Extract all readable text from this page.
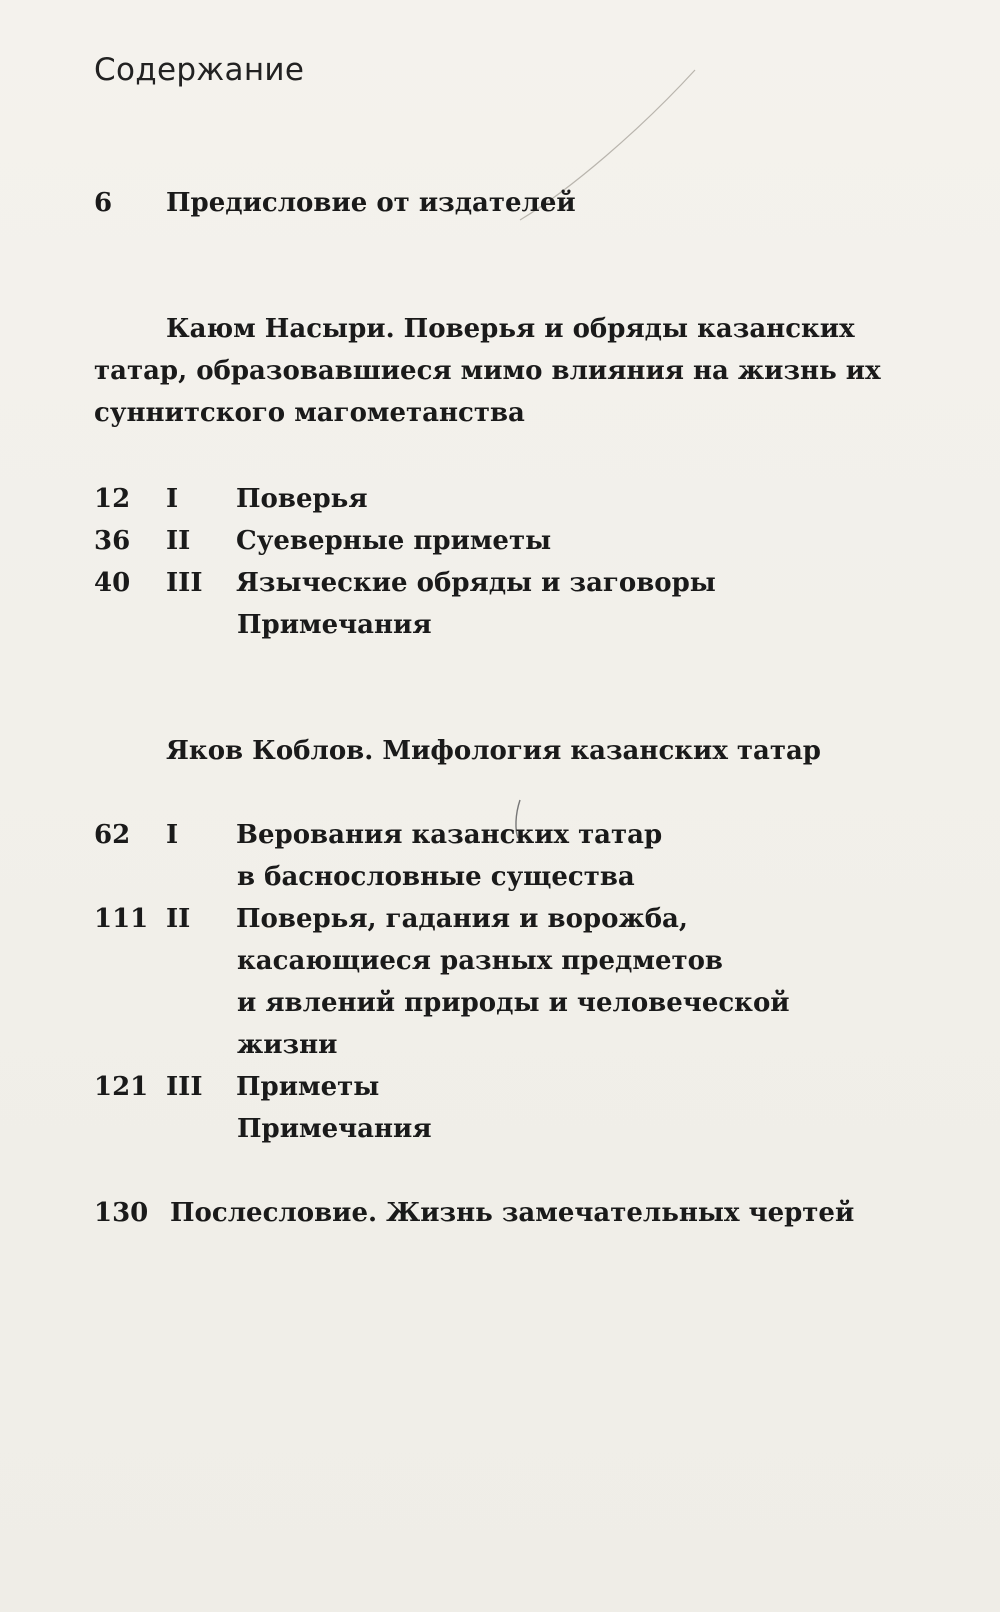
Содержание
6	Предисловие от издателей
Каюм Насыри. Поверья и обряды казанских
татар, образовавшиеся мимо влияния на жизнь их
суннитского магометанства
12	I	Поверья
36	II	Суеверные приметы
40	III	Языческие обряды и заговоры
Примечания
Яков Коблов. Мифология казанских татар
62	I	Верования казанских татар
в баснословные существа
111 II	Поверья, гадания и ворожба,
касающиеся разных предметов
и явлений природы и человеческой
жизни
121 III	Приметы
Примечания
130 Послесловие. Жизнь замечательных чертей
